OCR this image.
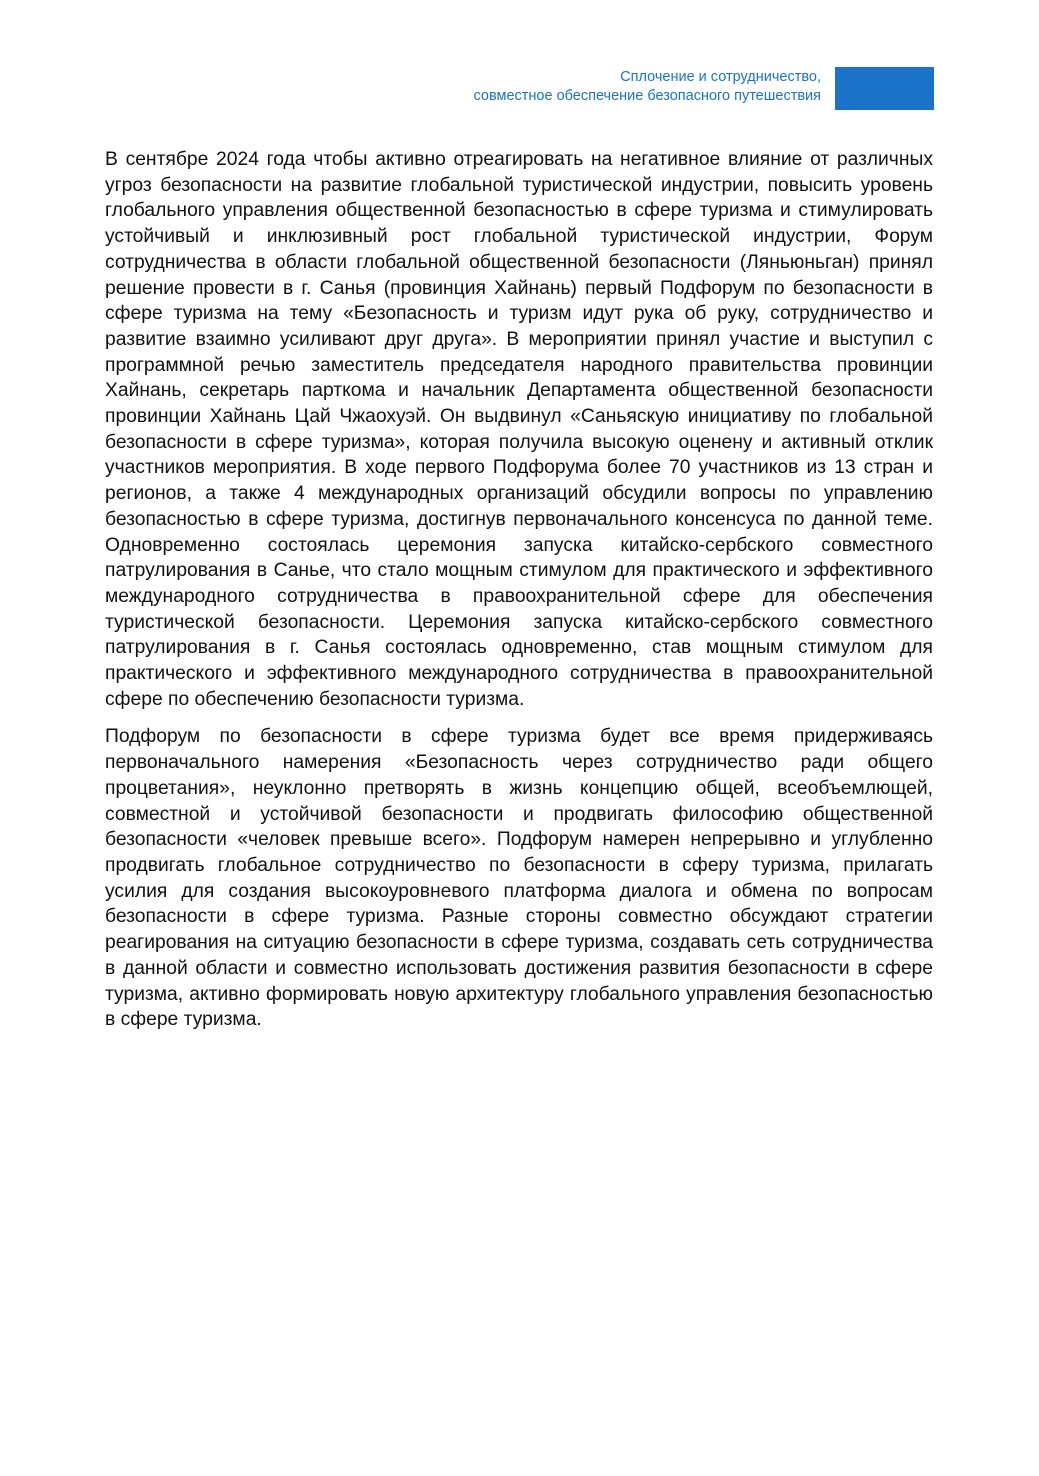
Сплочение и сотрудничество,
совместное обеспечение безопасного путешествия

В сентябре 2024 года чтобы активно отреагировать на негативное влияние от различных угроз безопасности на развитие глобальной туристической индустрии, повысить уровень глобального управления общественной безопасностью в сфере туризма и стимулировать устойчивый и инклюзивный рост глобальной туристической индустрии, Форум сотрудничества в области глобальной общественной безопасности (Ляньюньган) принял решение провести в г. Санья (провинция Хайнань) первый Подфорум по безопасности в сфере туризма на тему «Безопасность и туризм идут рука об руку, сотрудничество и развитие взаимно усиливают друг друга». В мероприятии принял участие и выступил с программной речью заместитель председателя народного правительства провинции Хайнань, секретарь парткома и начальник Департамента общественной безопасности провинции Хайнань Цай Чжаохуэй. Он выдвинул «Саньяскую инициативу по глобальной безопасности в сфере туризма», которая получила высокую оценену и активный отклик участников мероприятия. В ходе первого Подфорума более 70 участников из 13 стран и регионов, а также 4 международных организаций обсудили вопросы по управлению безопасностью в сфере туризма, достигнув первоначального консенсуса по данной теме. Одновременно состоялась церемония запуска китайско-сербского совместного патрулирования в Санье, что стало мощным стимулом для практического и эффективного международного сотрудничества в правоохранительной сфере для обеспечения туристической безопасности. Церемония запуска китайско-сербского совместного патрулирования в г. Санья состоялась одновременно, став мощным стимулом для практического и эффективного международного сотрудничества в правоохранительной сфере по обеспечению безопасности туризма.

Подфорум по безопасности в сфере туризма будет все время придерживаясь первоначального намерения «Безопасность через сотрудничество ради общего процветания», неуклонно претворять в жизнь концепцию общей, всеобъемлющей, совместной и устойчивой безопасности и продвигать философию общественной безопасности «человек превыше всего». Подфорум намерен непрерывно и углубленно продвигать глобальное сотрудничество по безопасности в сферу туризма, прилагать усилия для создания высокоуровневого платформа диалога и обмена по вопросам безопасности в сфере туризма. Разные стороны совместно обсуждают стратегии реагирования на ситуацию безопасности в сфере туризма, создавать сеть сотрудничества в данной области и совместно использовать достижения развития безопасности в сфере туризма, активно формировать новую архитектуру глобального управления безопасностью в сфере туризма.
